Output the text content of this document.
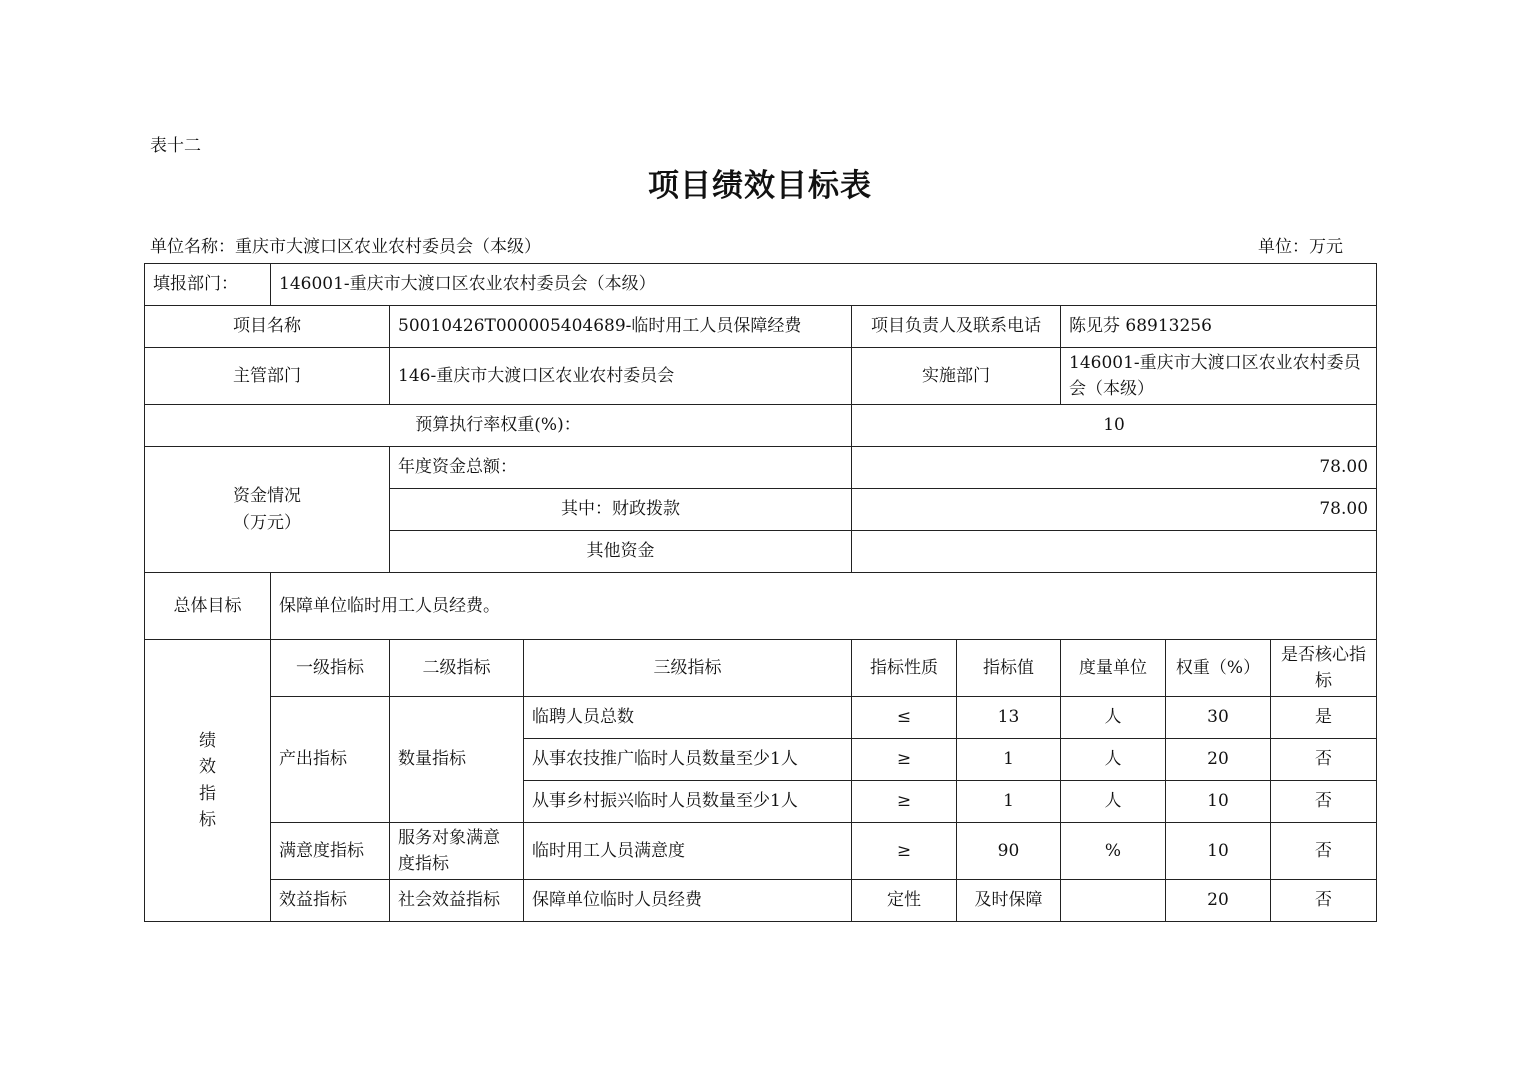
表十二
项目绩效目标表
单位名称：重庆市大渡口区农业农村委员会（本级）	单位：万元
填报部门：	146001-重庆市大渡口区农业农村委员会（本级）							
项目名称		50010426T000005404689-临时用工人员保障经费		项目负责人及联系电话		陈见芬 68913256		
主管部门		146-重庆市大渡口区农业农村委员会		实施部门		146001-重庆市大渡口区农业农村委员会（本级）		
预算执行率权重(%)：				10				

资金情况
（万元）		年度资金总额：		78.00				
		其中：财政拨款		78.00				
		其他资金						
总体目标	保障单位临时用工人员经费。							

绩
效
指
标	一级指标	二级指标	三级指标	指标性质	指标值	度量单位	权重（%）	是否核心指标
	产出指标	数量指标	临聘人员总数	≤	13	人	30	是
			从事农技推广临时人员数量至少1人	≥	1	人	20	否
			从事乡村振兴临时人员数量至少1人	≥	1	人	10	否
	满意度指标	服务对象满意度指标	临时用工人员满意度	≥	90	%	10	否
	效益指标	社会效益指标	保障单位临时人员经费	定性	及时保障		20	否
